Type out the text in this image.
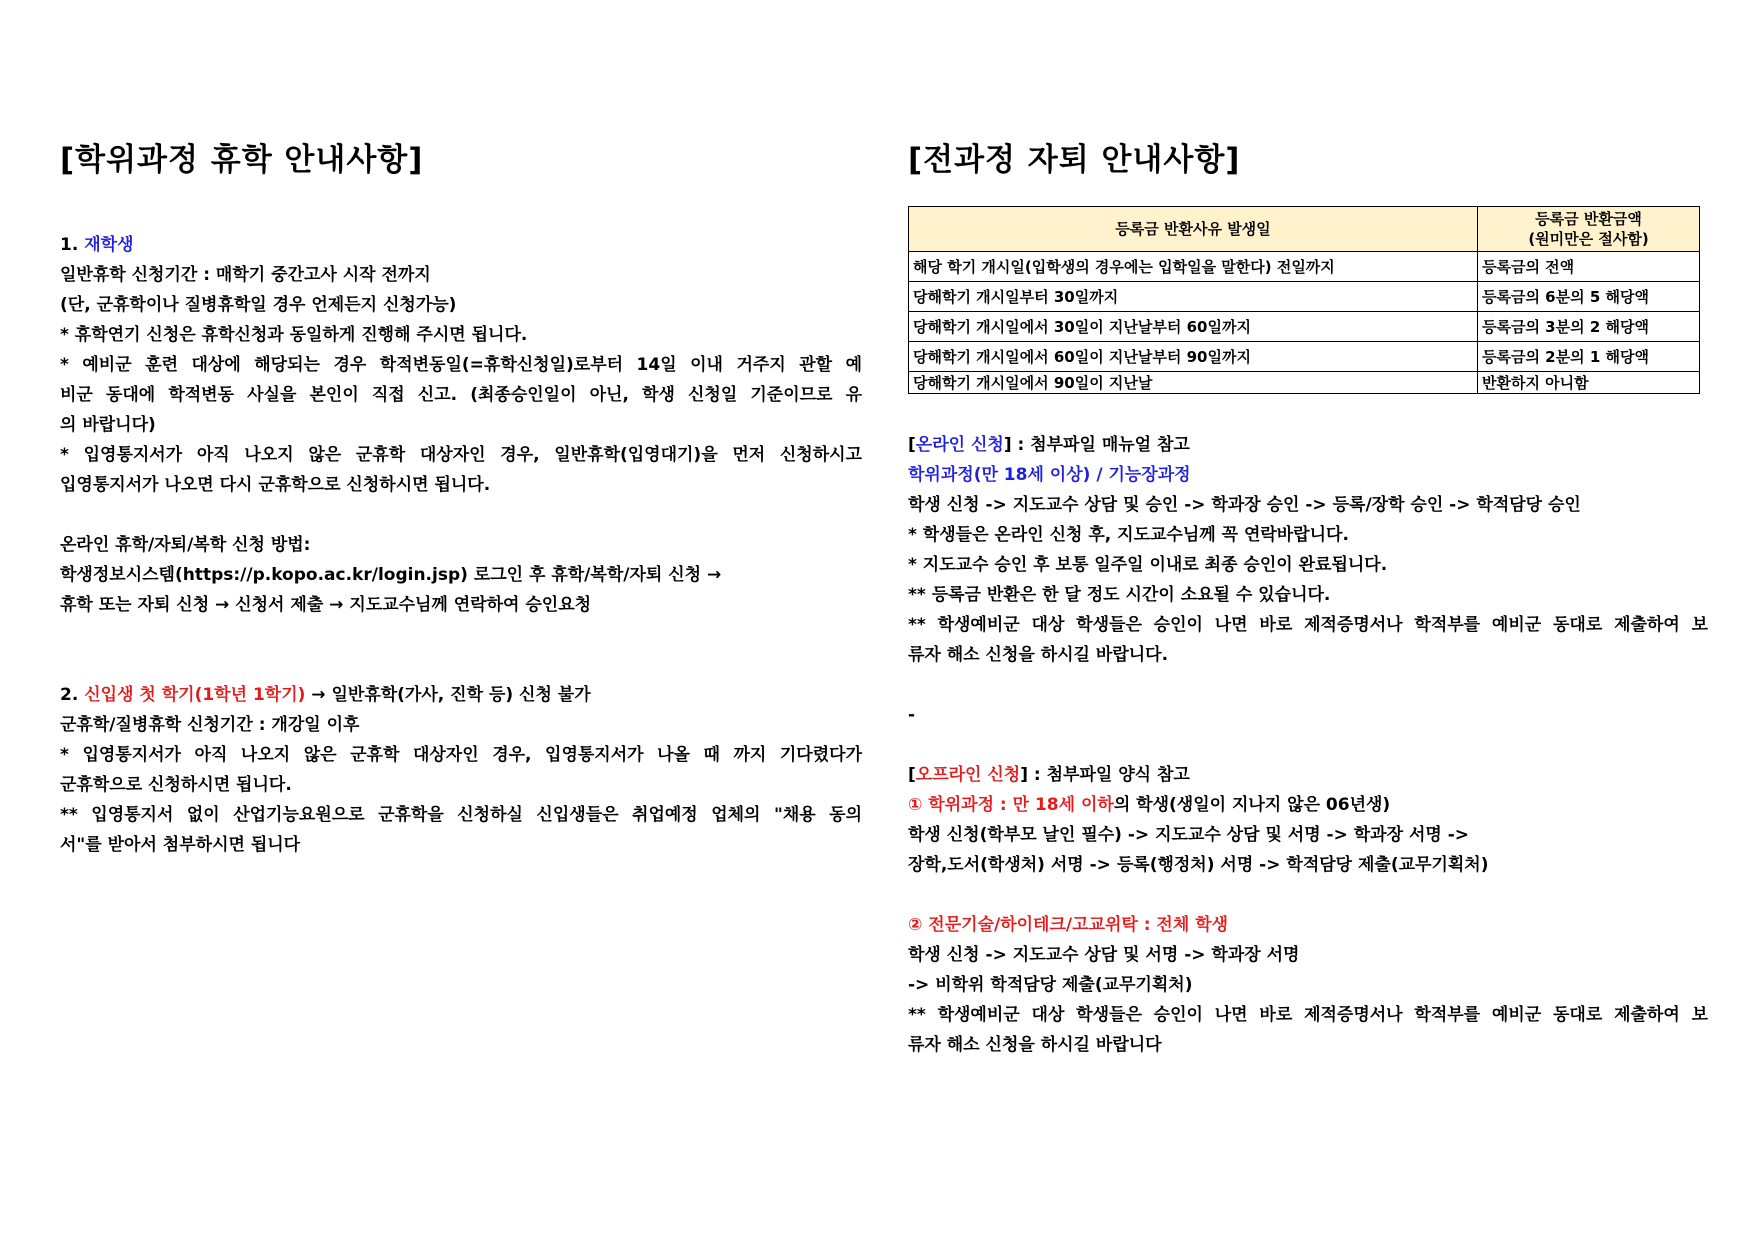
[학위과정 휴학 안내사항]
1. 재학생
일반휴학 신청기간 : 매학기 중간고사 시작 전까지
(단, 군휴학이나 질병휴학일 경우 언제든지 신청가능)
* 휴학연기 신청은 휴학신청과 동일하게 진행해 주시면 됩니다.
* 예비군 훈련 대상에 해당되는 경우 학적변동일(=휴학신청일)로부터 14일 이내 거주지 관할 예
비군 동대에 학적변동 사실을 본인이 직접 신고. (최종승인일이 아닌, 학생 신청일 기준이므로 유
의 바랍니다)
* 입영통지서가 아직 나오지 않은 군휴학 대상자인 경우, 일반휴학(입영대기)을 먼저 신청하시고
입영통지서가 나오면 다시 군휴학으로 신청하시면 됩니다.
온라인 휴학/자퇴/복학 신청 방법:
학생정보시스템(https://p.kopo.ac.kr/login.jsp) 로그인 후 휴학/복학/자퇴 신청 →
휴학 또는 자퇴 신청 → 신청서 제출 → 지도교수님께 연락하여 승인요청
2. 신입생 첫 학기(1학년 1학기) → 일반휴학(가사, 진학 등) 신청 불가
군휴학/질병휴학 신청기간 : 개강일 이후
* 입영통지서가 아직 나오지 않은 군휴학 대상자인 경우, 입영통지서가 나올 때 까지 기다렸다가
군휴학으로 신청하시면 됩니다.
** 입영통지서 없이 산업기능요원으로 군휴학을 신청하실 신입생들은 취업예정 업체의 "채용 동의
서"를 받아서 첨부하시면 됩니다
[전과정 자퇴 안내사항]
등록금 반환사유 발생일	등록금 반환금액
(원미만은 절사함)

해당 학기 개시일(입학생의 경우에는 입학일을 말한다) 전일까지	등록금의 전액
당해학기 개시일부터 30일까지	등록금의 6분의 5 해당액
당해학기 개시일에서 30일이 지난날부터 60일까지	등록금의 3분의 2 해당액
당해학기 개시일에서 60일이 지난날부터 90일까지	등록금의 2분의 1 해당액
당해학기 개시일에서 90일이 지난날	반환하지 아니함
[온라인 신청] : 첨부파일 매뉴얼 참고
학위과정(만 18세 이상) / 기능장과정
학생 신청 -> 지도교수 상담 및 승인 -> 학과장 승인 -> 등록/장학 승인 -> 학적담당 승인
* 학생들은 온라인 신청 후, 지도교수님께 꼭 연락바랍니다.
* 지도교수 승인 후 보통 일주일 이내로 최종 승인이 완료됩니다.
** 등록금 반환은 한 달 정도 시간이 소요될 수 있습니다.
** 학생예비군 대상 학생들은 승인이 나면 바로 제적증명서나 학적부를 예비군 동대로 제출하여 보
류자 해소 신청을 하시길 바랍니다.
-
[오프라인 신청] : 첨부파일 양식 참고
① 학위과정 : 만 18세 이하의 학생(생일이 지나지 않은 06년생)
학생 신청(학부모 날인 필수) -> 지도교수 상담 및 서명 -> 학과장 서명 ->
장학,도서(학생처) 서명 -> 등록(행정처) 서명 -> 학적담당 제출(교무기획처)
② 전문기술/하이테크/고교위탁 : 전체 학생
학생 신청 -> 지도교수 상담 및 서명 -> 학과장 서명
-> 비학위 학적담당 제출(교무기획처)
** 학생예비군 대상 학생들은 승인이 나면 바로 제적증명서나 학적부를 예비군 동대로 제출하여 보
류자 해소 신청을 하시길 바랍니다
